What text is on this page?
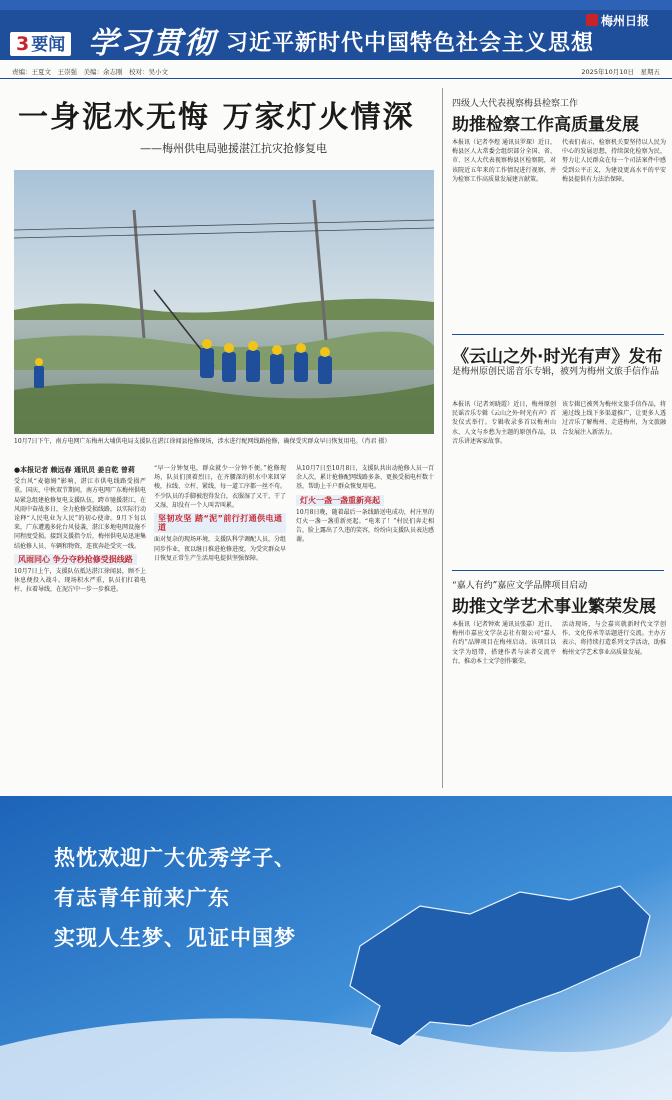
3 要闻 学习贯彻 习近平新时代中国特色社会主义思想
梅州日报
责编：王夏文　王崇强　美编：余志刚　校对：吴小文	2025年10月10日　星期五
一身泥水无悔 万家灯火情深
——梅州供电局驰援湛江抗灾抢修复电
10月7日下午，南方电网广东梅州大埔供电局支援队在湛江徐闻县抢修现场，涉水进行配网线路抢修，确保受灾群众早日恢复用电。（肖君 摄）
●本报记者 赖远春 通讯员 姜自乾 曾莉
受台风“麦德姆”影响，湛江市供电线路受损严重。国庆、中秋双节期间，南方电网广东梅州供电局紧急组建抢修复电支援队伍，跨市驰援湛江，在风雨中奋战多日，全力抢修受损线路，以实际行动诠释“人民电业为人民”的初心使命。9月下旬以来，广东遭遇多轮台风侵袭，湛江多地电网设施不同程度受损。接到支援指令后，梅州供电局迅速集结抢修人员、车辆和物资，连夜奔赴受灾一线。
风雨同心 争分夺秒抢修受损线路
10月7日上午，支援队伍抵达湛江徐闻县，顾不上休息便投入战斗。现场积水严重，队员们扛着电杆、拉着导线，在泥泞中一步一步推进。
“早一分钟复电，群众就少一分钟不便。”抢修现场，队员们顶着烈日，在齐腰深的积水中来回穿梭，拉线、立杆、紧线，每一道工序都一丝不苟。不少队员的手脚被泡得发白，衣服湿了又干、干了又湿，却没有一个人叫苦叫累。
坚韧攻坚 踏“泥”前行打通供电通道
面对复杂的现场环境，支援队科学调配人员，分组同步作业，夜以继日推进抢修进度，为受灾群众早日恢复正常生产生活用电提供坚强保障。
从10月7日至10月8日，支援队共出动抢修人员一百余人次，累计抢修配网线路多条、更换受损电杆数十基，帮助上千户群众恢复用电。
灯火一盏一盏重新亮起
10月8日晚，随着最后一条线路送电成功，村庄里的灯火一盏一盏重新亮起。“电来了！”村民们奔走相告，脸上露出了久违的笑容，纷纷向支援队员表达感谢。
四级人大代表视察梅县检察工作
助推检察工作高质量发展
本报讯（记者李煜 通讯员罗琛）近日，梅县区人大常委会组织部分全国、省、市、区人大代表视察梅县区检察院，对该院近五年来的工作情况进行视察，并为检察工作高质量发展建言献策。
代表们表示，检察机关要坚持以人民为中心的发展思想，持续深化检察为民，努力让人民群众在每一个司法案件中感受到公平正义，为建设更高水平的平安梅县提供有力法治保障。
《云山之外·时光有声》发布
是梅州原创民谣音乐专辑，被列为梅州文旅手信作品
本报讯（记者刘晓霞）近日，梅州原创民谣音乐专辑《云山之外·时光有声》首发仪式举行。专辑收录多首以梅州山水、人文与乡愁为主题的原创作品，以音乐讲述客家故事。
该专辑已被列为梅州文旅手信作品，将通过线上线下多渠道推广，让更多人透过音乐了解梅州、走进梅州，为文旅融合发展注入新活力。
“嘉人有约”嘉应文学品牌项目启动
助推文学艺术事业繁荣发展
本报讯（记者钟欢 通讯员张嘉）近日，梅州市嘉应文学杂志社有限公司“嘉人有约”品牌项目在梅州启动。该项目以文学为纽带，搭建作者与读者交流平台，推动本土文学创作繁荣。
活动现场，与会嘉宾就新时代文学创作、文化传承等话题进行交流。主办方表示，将持续打造系列文学活动，助推梅州文学艺术事业高质量发展。
热忱欢迎广大优秀学子、
有志青年前来广东
实现人生梦、见证中国梦
